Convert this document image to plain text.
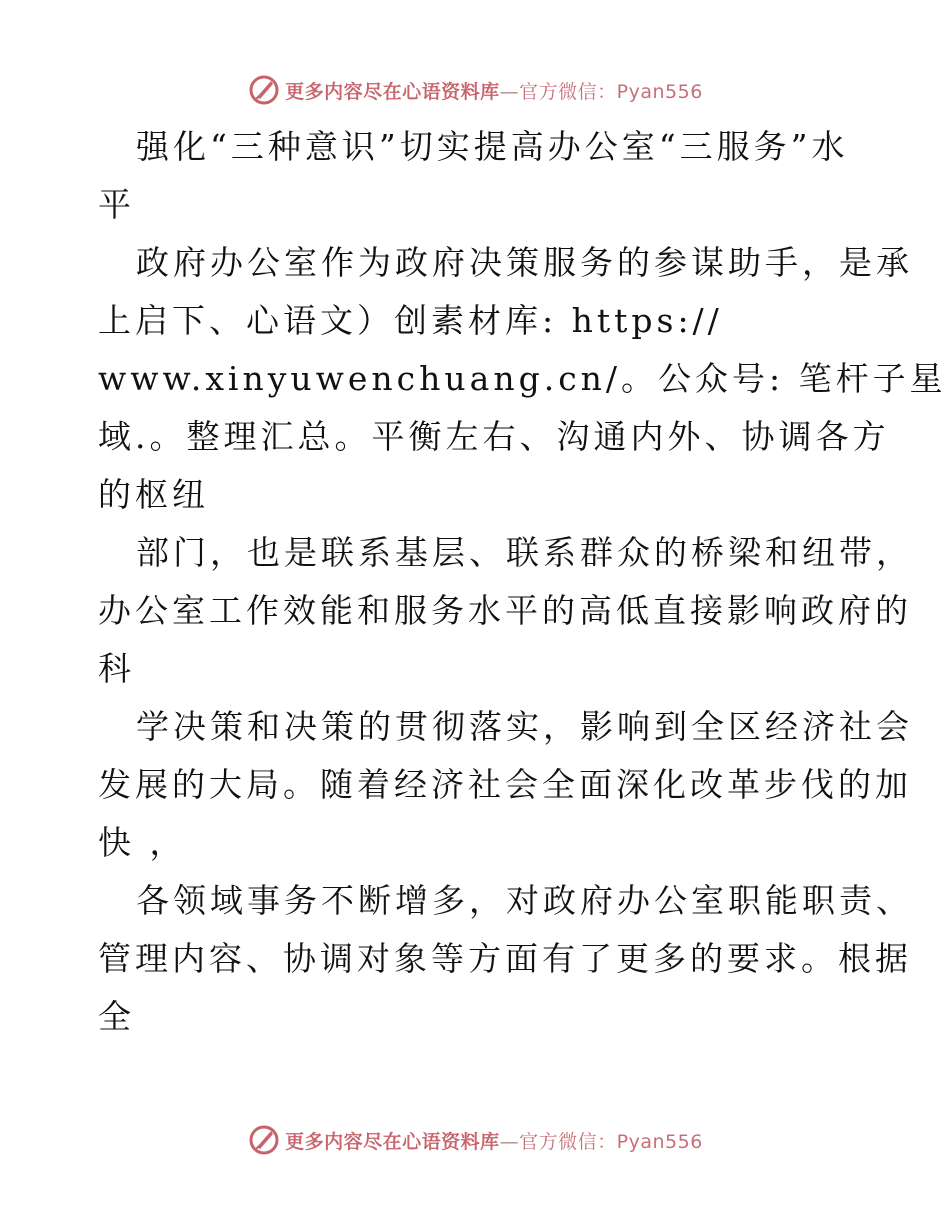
更多内容尽在心语资料库—官方微信：Pyan556
强化“三种意识”切实提高办公室“三服务”水
平
政府办公室作为政府决策服务的参谋助手，是承
上启下、心语文）创素材库: https://
www.xinyuwenchuang.cn/。公众号: 笔杆子星
域.。整理汇总。平衡左右、沟通内外、协调各方
的枢纽
部门，也是联系基层、联系群众的桥梁和纽带，
办公室工作效能和服务水平的高低直接影响政府的
科
学决策和决策的贯彻落实，影响到全区经济社会
发展的大局。随着经济社会全面深化改革步伐的加
快 ，
各领域事务不断增多，对政府办公室职能职责、
管理内容、协调对象等方面有了更多的要求。根据
全
更多内容尽在心语资料库—官方微信：Pyan556
